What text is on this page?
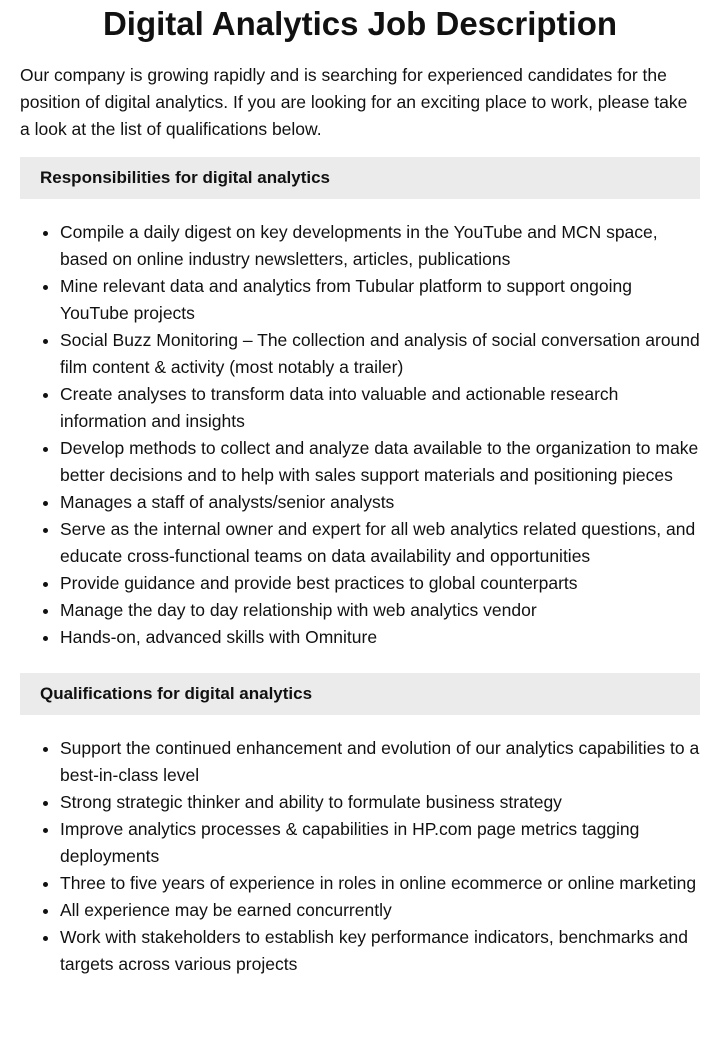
Digital Analytics Job Description

Our company is growing rapidly and is searching for experienced candidates for the position of digital analytics. If you are looking for an exciting place to work, please take a look at the list of qualifications below.

Responsibilities for digital analytics
• Compile a daily digest on key developments in the YouTube and MCN space, based on online industry newsletters, articles, publications
• Mine relevant data and analytics from Tubular platform to support ongoing YouTube projects
• Social Buzz Monitoring – The collection and analysis of social conversation around film content & activity (most notably a trailer)
• Create analyses to transform data into valuable and actionable research information and insights
• Develop methods to collect and analyze data available to the organization to make better decisions and to help with sales support materials and positioning pieces
• Manages a staff of analysts/senior analysts
• Serve as the internal owner and expert for all web analytics related questions, and educate cross-functional teams on data availability and opportunities
• Provide guidance and provide best practices to global counterparts
• Manage the day to day relationship with web analytics vendor
• Hands-on, advanced skills with Omniture
Qualifications for digital analytics
• Support the continued enhancement and evolution of our analytics capabilities to a best-in-class level
• Strong strategic thinker and ability to formulate business strategy
• Improve analytics processes & capabilities in HP.com page metrics tagging deployments
• Three to five years of experience in roles in online ecommerce or online marketing
• All experience may be earned concurrently
• Work with stakeholders to establish key performance indicators, benchmarks and targets across various projects
